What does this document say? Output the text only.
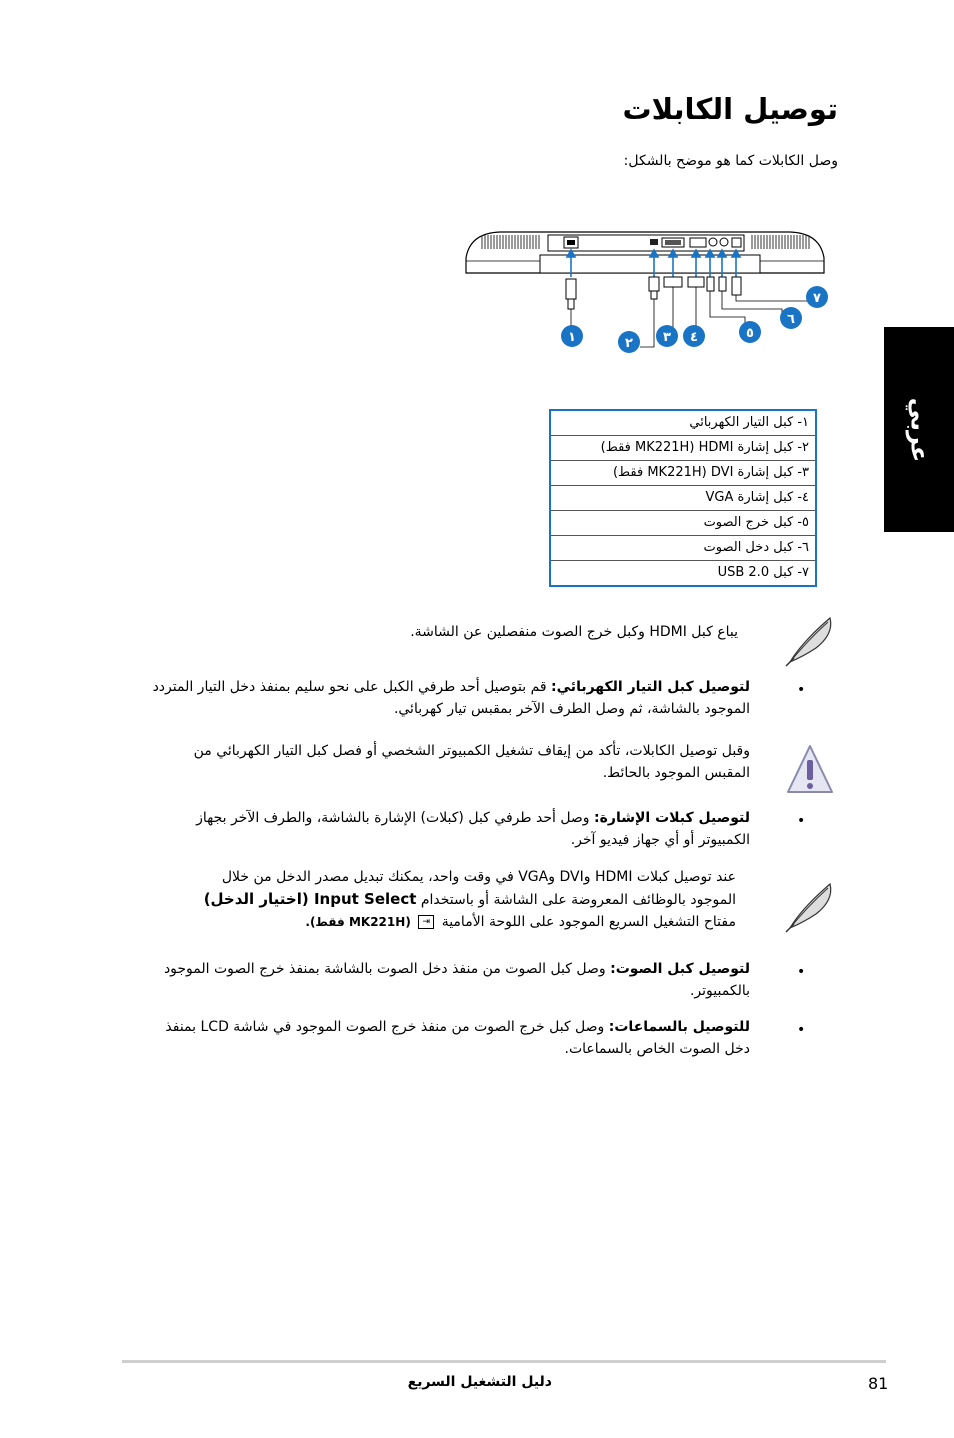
توصيل الكابلات
وصل الكابلات كما هو موضح بالشكل:
عربي
١	٢ ٣ ٤	٥
٦
٧
١- كبل التيار الكهربائي
٢- كبل إشارة HDMI (MK221H فقط)
٣- كبل إشارة DVI (MK221H فقط)
٤- كبل إشارة VGA
٥- كبل خرج الصوت
٦- كبل دخل الصوت
٧- كبل USB 2.0
يباع كبل HDMI وكبل خرج الصوت منفصلين عن الشاشة.
•
لتوصيل كبل التيار الكهربائي: قم بتوصيل أحد طرفي الكبل على نحو سليم بمنفذ دخل التيار المتردد الموجود بالشاشة، ثم وصل الطرف الآخر بمقبس تيار كهربائي.
وقبل توصيل الكابلات، تأكد من إيقاف تشغيل الكمبيوتر الشخصي أو فصل كبل التيار الكهربائي من المقبس الموجود بالحائط.
•
لتوصيل كبلات الإشارة: وصل أحد طرفي كبل (كبلات) الإشارة بالشاشة، والطرف الآخر بجهاز الكمبيوتر أو أي جهاز فيديو آخر.
عند توصيل كبلات HDMI وDVI وVGA في وقت واحد، يمكنك تبديل مصدر الدخل من خلال
الموجود بالوظائف المعروضة على الشاشة أو باستخدام Input Select (اختيار الدخل)
مفتاح التشغيل السريع الموجود على اللوحة الأمامية ⇥ (MK221H فقط).
•
لتوصيل كبل الصوت: وصل كبل الصوت من منفذ دخل الصوت بالشاشة بمنفذ خرج الصوت الموجود بالكمبيوتر.
•
للتوصيل بالسماعات: وصل كبل خرج الصوت من منفذ خرج الصوت الموجود في شاشة LCD بمنفذ دخل الصوت الخاص بالسماعات.
دليل التشغيل السريع	81
